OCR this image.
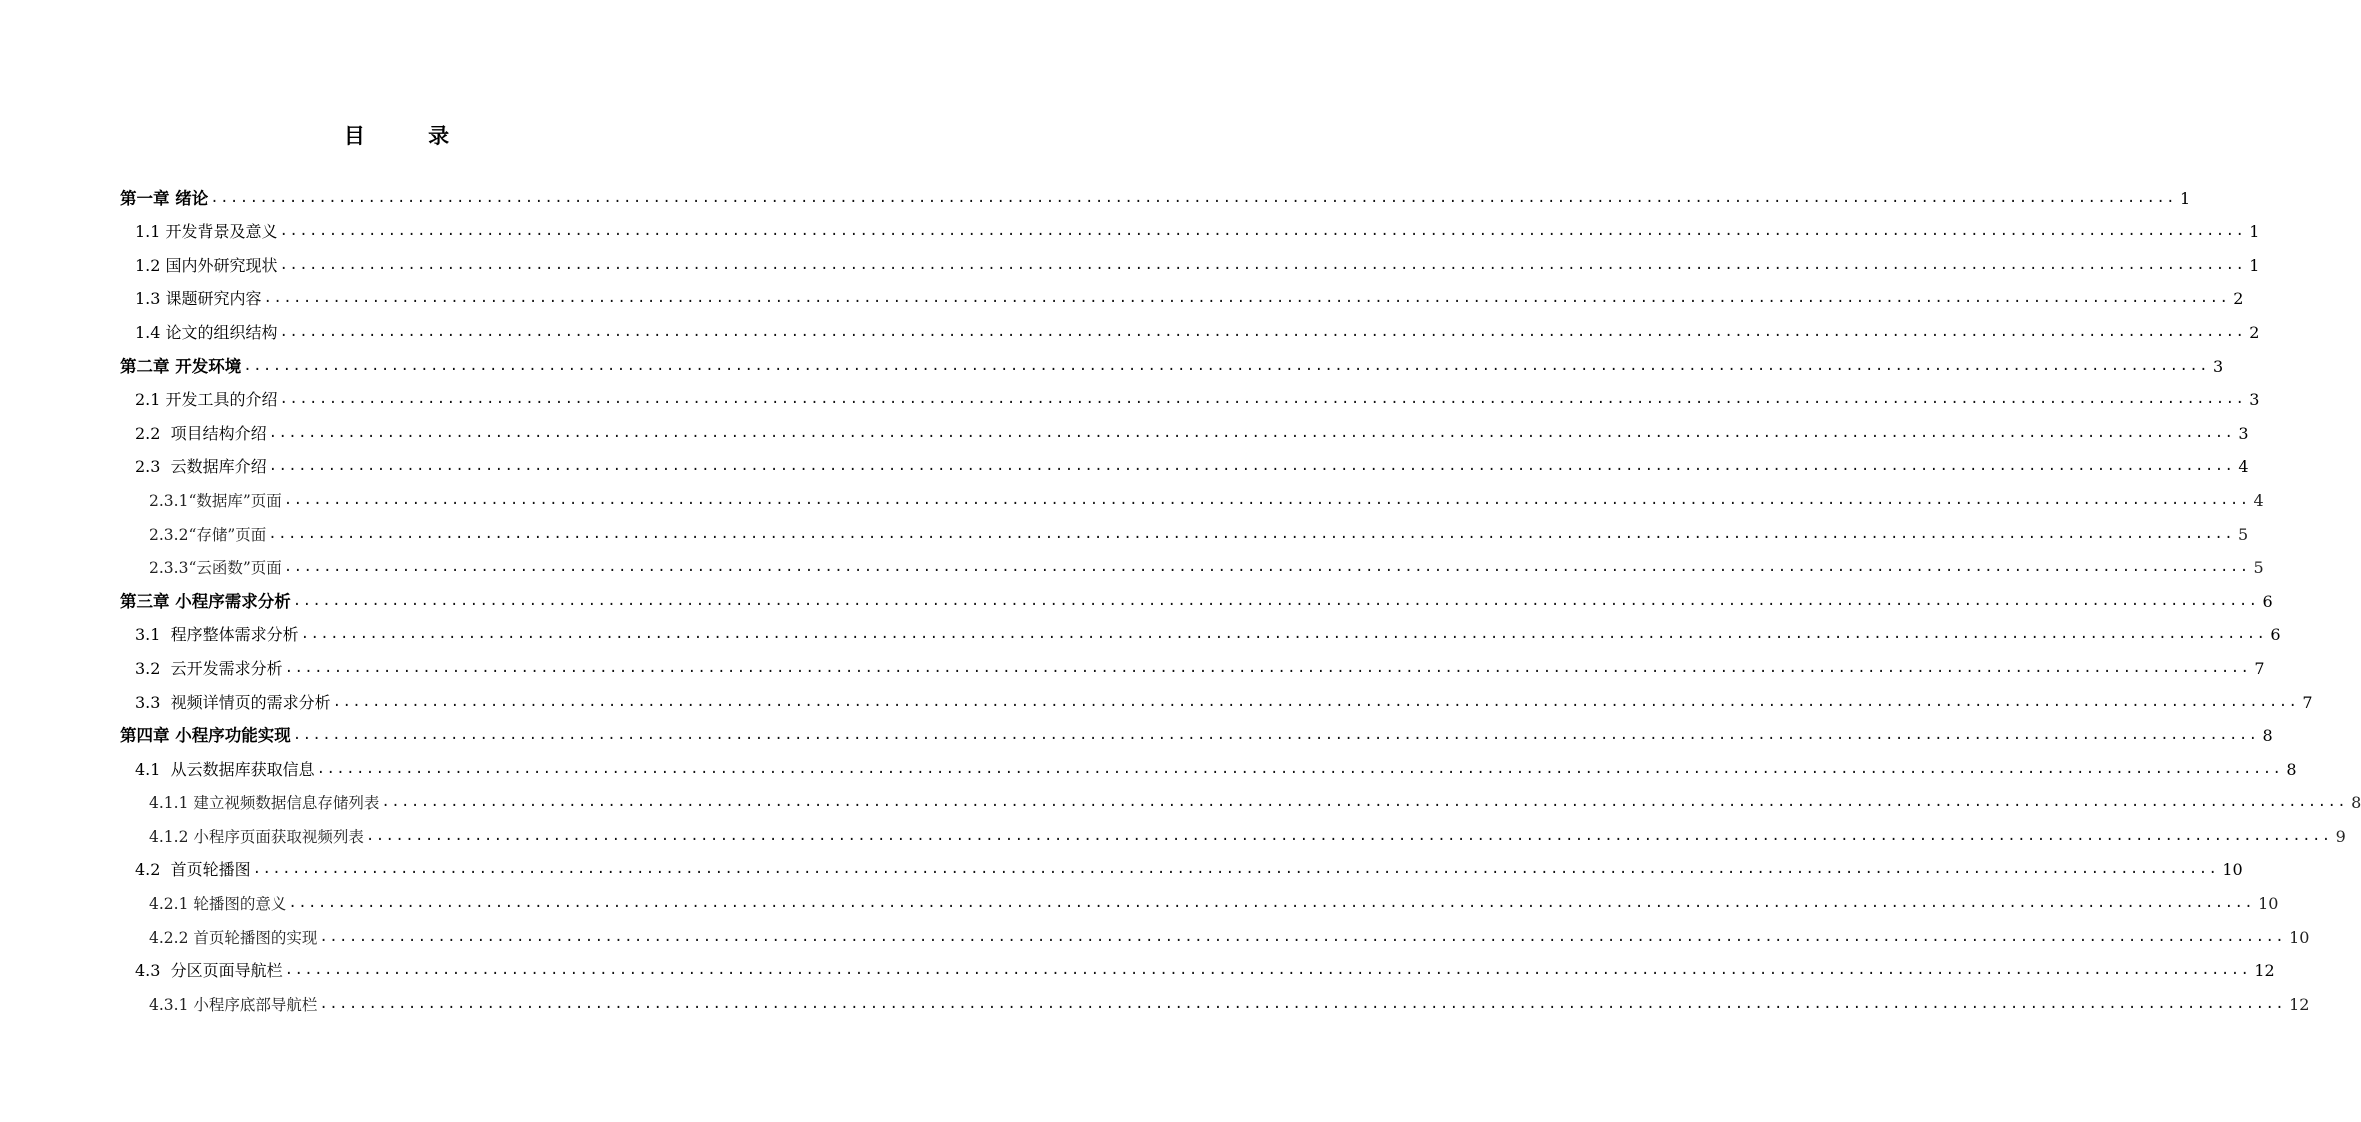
目 录
第一章 绪论 ........................................................................................................................................................................................................ 1
1.1 开发背景及意义 ........................................................................................................................................................................................................ 1
1.2 国内外研究现状 ........................................................................................................................................................................................................ 1
1.3 课题研究内容 ........................................................................................................................................................................................................ 2
1.4 论文的组织结构 ........................................................................................................................................................................................................ 2
第二章 开发环境 ........................................................................................................................................................................................................ 3
2.1 开发工具的介绍 ........................................................................................................................................................................................................ 3
2.2  项目结构介绍 ........................................................................................................................................................................................................ 3
2.3  云数据库介绍 ........................................................................................................................................................................................................ 4
2.3.1“数据库”页面 ........................................................................................................................................................................................................ 4
2.3.2“存储”页面 ........................................................................................................................................................................................................ 5
2.3.3“云函数”页面 ........................................................................................................................................................................................................ 5
第三章 小程序需求分析 ........................................................................................................................................................................................................ 6
3.1  程序整体需求分析 ........................................................................................................................................................................................................ 6
3.2  云开发需求分析 ........................................................................................................................................................................................................ 7
3.3  视频详情页的需求分析 ........................................................................................................................................................................................................ 7
第四章 小程序功能实现 ........................................................................................................................................................................................................ 8
4.1  从云数据库获取信息 ........................................................................................................................................................................................................ 8
4.1.1 建立视频数据信息存储列表 ........................................................................................................................................................................................................ 8
4.1.2 小程序页面获取视频列表 ........................................................................................................................................................................................................ 9
4.2  首页轮播图 ........................................................................................................................................................................................................ 10
4.2.1 轮播图的意义 ........................................................................................................................................................................................................ 10
4.2.2 首页轮播图的实现 ........................................................................................................................................................................................................ 10
4.3  分区页面导航栏 ........................................................................................................................................................................................................ 12
4.3.1 小程序底部导航栏 ........................................................................................................................................................................................................ 12
